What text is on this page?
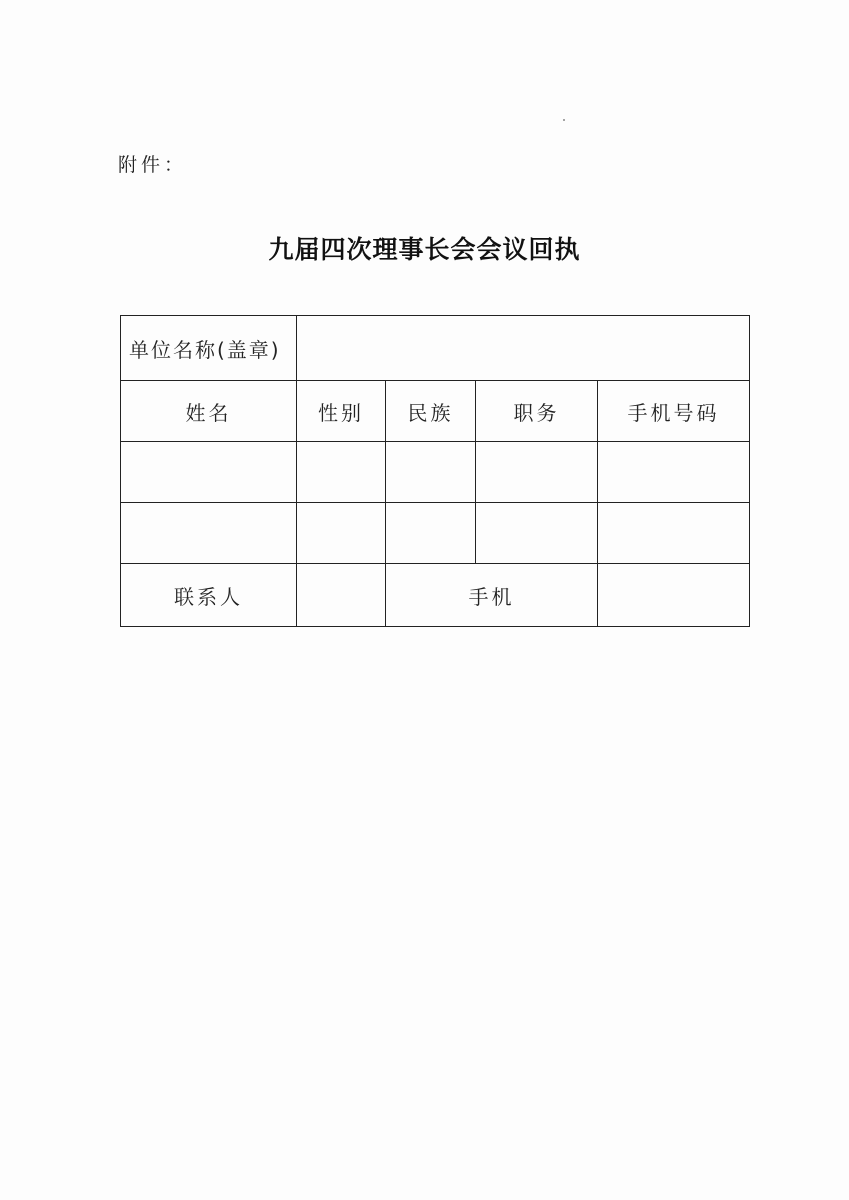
附件：
九届四次理事长会会议回执
单位名称(盖章)				
姓名	性别	民族	职务	手机号码

联系人		手机		
